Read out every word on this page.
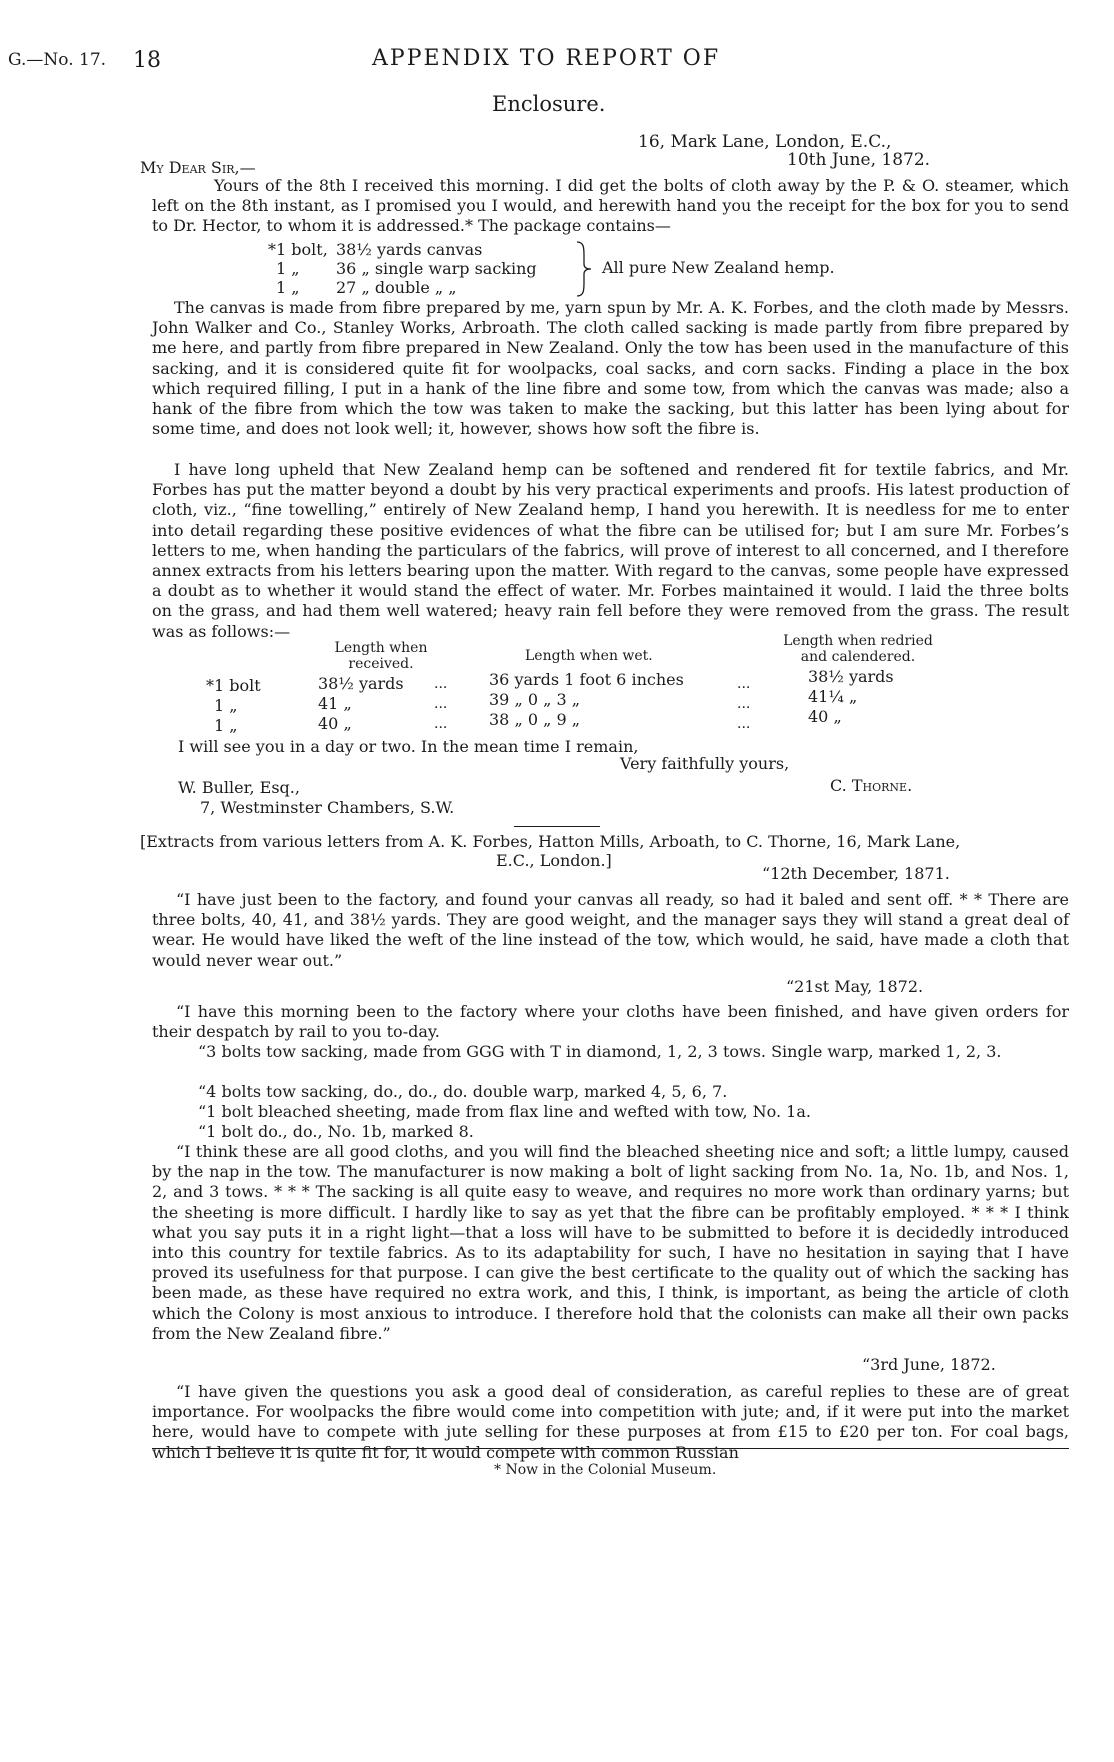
G.—No. 17. 18	APPENDIX TO REPORT OF
Enclosure.
16, Mark Lane, London, E.C.,
10th June, 1872.
My Dear Sir,—
Yours of the 8th I received this morning. I did get the bolts of cloth away by the P. & O. steamer, which left on the 8th instant, as I promised you I would, and herewith hand you the receipt for the box for you to send to Dr. Hector, to whom it is addressed.* The package contains—
*1 bolt, 38½ yards canvas
1 „ 36 „ single warp sacking
1 „ 27 „ double „ „
All pure New Zealand hemp.
The canvas is made from fibre prepared by me, yarn spun by Mr. A. K. Forbes, and the cloth made by Messrs. John Walker and Co., Stanley Works, Arbroath. The cloth called sacking is made partly from fibre prepared by me here, and partly from fibre prepared in New Zealand. Only the tow has been used in the manufacture of this sacking, and it is considered quite fit for woolpacks, coal sacks, and corn sacks. Finding a place in the box which required filling, I put in a hank of the line fibre and some tow, from which the canvas was made; also a hank of the fibre from which the tow was taken to make the sacking, but this latter has been lying about for some time, and does not look well; it, however, shows how soft the fibre is.
I have long upheld that New Zealand hemp can be softened and rendered fit for textile fabrics, and Mr. Forbes has put the matter beyond a doubt by his very practical experiments and proofs. His latest production of cloth, viz., “fine towelling,” entirely of New Zealand hemp, I hand you herewith. It is needless for me to enter into detail regarding these positive evidences of what the fibre can be utilised for; but I am sure Mr. Forbes’s letters to me, when handing the particulars of the fabrics, will prove of interest to all concerned, and I therefore annex extracts from his letters bearing upon the matter. With regard to the canvas, some people have expressed a doubt as to whether it would stand the effect of water. Mr. Forbes maintained it would. I laid the three bolts on the grass, and had them well watered; heavy rain fell before they were removed from the grass. The result was as follows:—
Length when received.	Length when wet.
Length when redried and calendered.
*1 bolt	38½ yards ...	36 yards 1 foot 6 inches	...	38½ yards
1 „	41 „	...	39 „ 0 „ 3 „	...	41¼ „
1 „	40 „	...	38 „ 0 „ 9 „	...	40 „
I will see you in a day or two. In the mean time I remain,
Very faithfully yours,
C. Thorne.
W. Buller, Esq.,
7, Westminster Chambers, S.W.
[Extracts from various letters from A. K. Forbes, Hatton Mills, Arboath, to C. Thorne, 16, Mark Lane,
E.C., London.]
“12th December, 1871.
“I have just been to the factory, and found your canvas all ready, so had it baled and sent off. * * There are three bolts, 40, 41, and 38½ yards. They are good weight, and the manager says they will stand a great deal of wear. He would have liked the weft of the line instead of the tow, which would, he said, have made a cloth that would never wear out.”
“21st May, 1872.
“I have this morning been to the factory where your cloths have been finished, and have given orders for their despatch by rail to you to-day.
“3 bolts tow sacking, made from GGG with T in diamond, 1, 2, 3 tows. Single warp, marked 1, 2, 3.
“4 bolts tow sacking, do., do., do. double warp, marked 4, 5, 6, 7.
“1 bolt bleached sheeting, made from flax line and wefted with tow, No. 1a.
“1 bolt do., do., No. 1b, marked 8.
“I think these are all good cloths, and you will find the bleached sheeting nice and soft; a little lumpy, caused by the nap in the tow. The manufacturer is now making a bolt of light sacking from No. 1a, No. 1b, and Nos. 1, 2, and 3 tows. * * * The sacking is all quite easy to weave, and requires no more work than ordinary yarns; but the sheeting is more difficult. I hardly like to say as yet that the fibre can be profitably employed. * * * I think what you say puts it in a right light—that a loss will have to be submitted to before it is decidedly introduced into this country for textile fabrics. As to its adaptability for such, I have no hesitation in saying that I have proved its usefulness for that purpose. I can give the best certificate to the quality out of which the sacking has been made, as these have required no extra work, and this, I think, is important, as being the article of cloth which the Colony is most anxious to introduce. I therefore hold that the colonists can make all their own packs from the New Zealand fibre.”
“3rd June, 1872.
“I have given the questions you ask a good deal of consideration, as careful replies to these are of great importance. For woolpacks the fibre would come into competition with jute; and, if it were put into the market here, would have to compete with jute selling for these purposes at from £15 to £20 per ton. For coal bags, which I believe it is quite fit for, it would compete with common Russian
* Now in the Colonial Museum.
